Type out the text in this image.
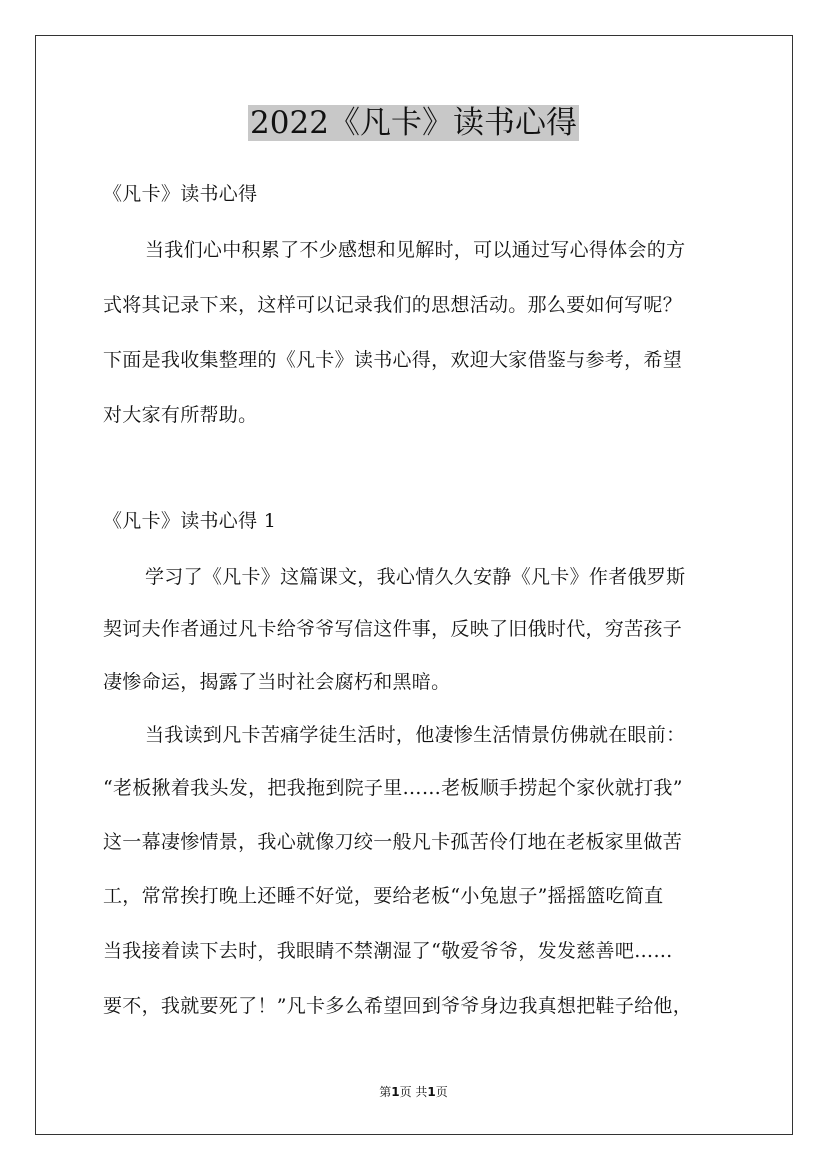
2022《凡卡》读书心得

《凡卡》读书心得

当我们心中积累了不少感想和见解时，可以通过写心得体会的方

式将其记录下来，这样可以记录我们的思想活动。那么要如何写呢？

下面是我收集整理的《凡卡》读书心得，欢迎大家借鉴与参考，希望

对大家有所帮助。

《凡卡》读书心得 1

学习了《凡卡》这篇课文，我心情久久安静《凡卡》作者俄罗斯

契诃夫作者通过凡卡给爷爷写信这件事，反映了旧俄时代，穷苦孩子

凄惨命运，揭露了当时社会腐朽和黑暗。

当我读到凡卡苦痛学徒生活时，他凄惨生活情景仿佛就在眼前：

“老板揪着我头发，把我拖到院子里……老板顺手捞起个家伙就打我”

这一幕凄惨情景，我心就像刀绞一般凡卡孤苦伶仃地在老板家里做苦

工，常常挨打晚上还睡不好觉，要给老板“小兔崽子”摇摇篮吃简直

当我接着读下去时，我眼睛不禁潮湿了“敬爱爷爷，发发慈善吧……

要不，我就要死了！”凡卡多么希望回到爷爷身边我真想把鞋子给他，

第1页 共1页
